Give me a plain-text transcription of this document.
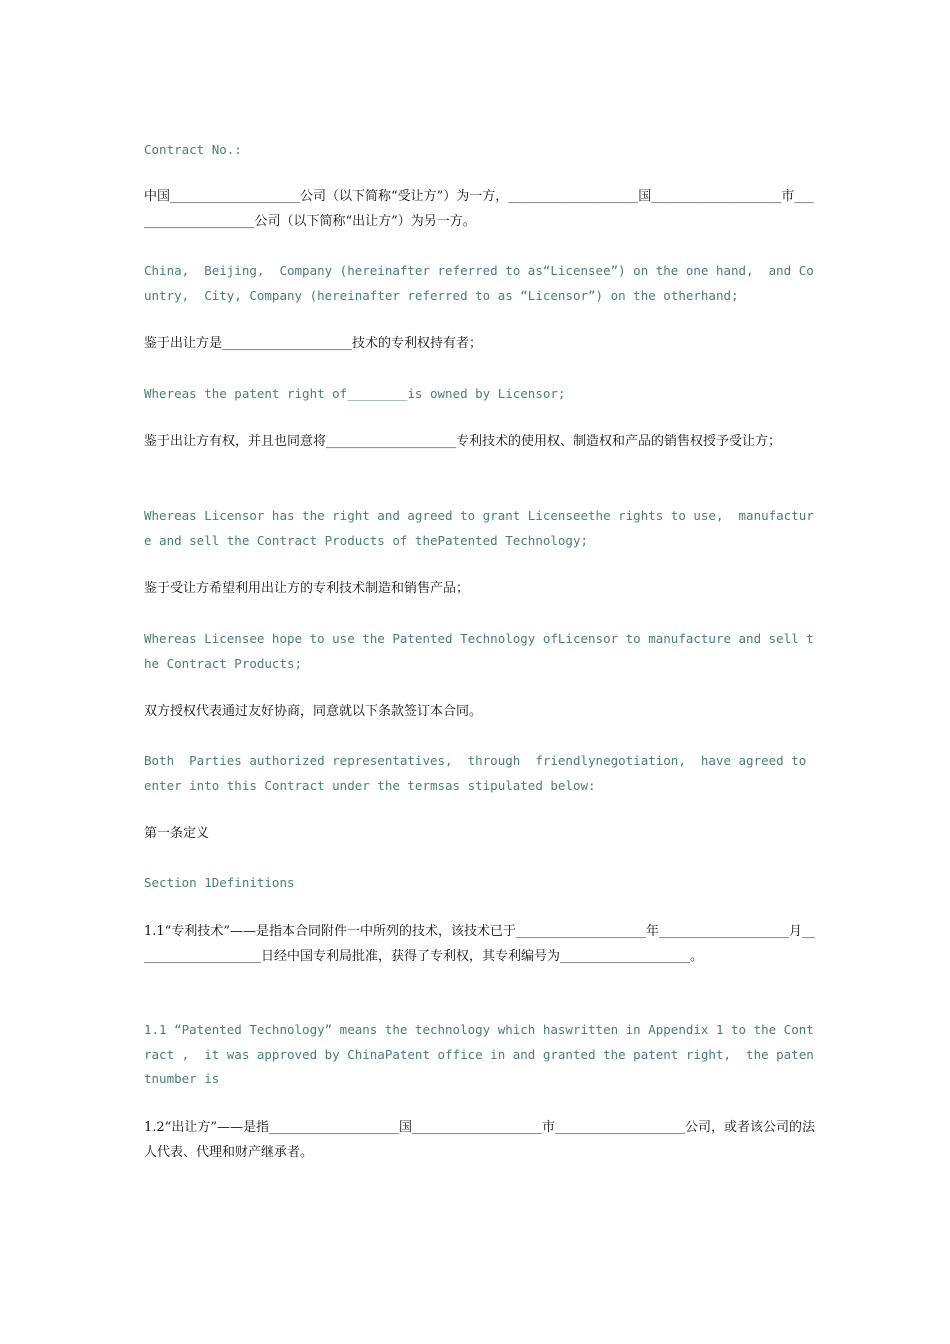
Contract No.:

中国____________________公司（以下简称“受让方”）为一方，____________________国____________________市____________________公司（以下简称“出让方”）为另一方。

China,  Beijing,  Company (hereinafter referred to as“Licensee”) on the one hand,  and Country,  City, Company (hereinafter referred to as “Licensor”) on the otherhand;

鉴于出让方是____________________技术的专利权持有者；

Whereas the patent right of________is owned by Licensor;

鉴于出让方有权，并且也同意将____________________专利技术的使用权、制造权和产品的销售权授予受让方；

Whereas Licensor has the right and agreed to grant Licenseethe rights to use,  manufacture and sell the Contract Products of thePatented Technology;

鉴于受让方希望利用出让方的专利技术制造和销售产品；

Whereas Licensee hope to use the Patented Technology ofLicensor to manufacture and sell the Contract Products;

双方授权代表通过友好协商，同意就以下条款签订本合同。

Both  Parties authorized representatives,  through  friendlynegotiation,  have agreed to enter into this Contract under the termsas stipulated below:

第一条定义

Section 1Definitions

1.1“专利技术”——是指本合同附件一中所列的技术，该技术已于____________________年____________________月____________________日经中国专利局批准，获得了专利权，其专利编号为____________________。

1.1 “Patented Technology” means the technology which haswritten in Appendix 1 to the Contract ,  it was approved by ChinaPatent office in and granted the patent right,  the patentnumber is

1.2“出让方”——是指____________________国____________________市____________________公司，或者该公司的法人代表、代理和财产继承者。
